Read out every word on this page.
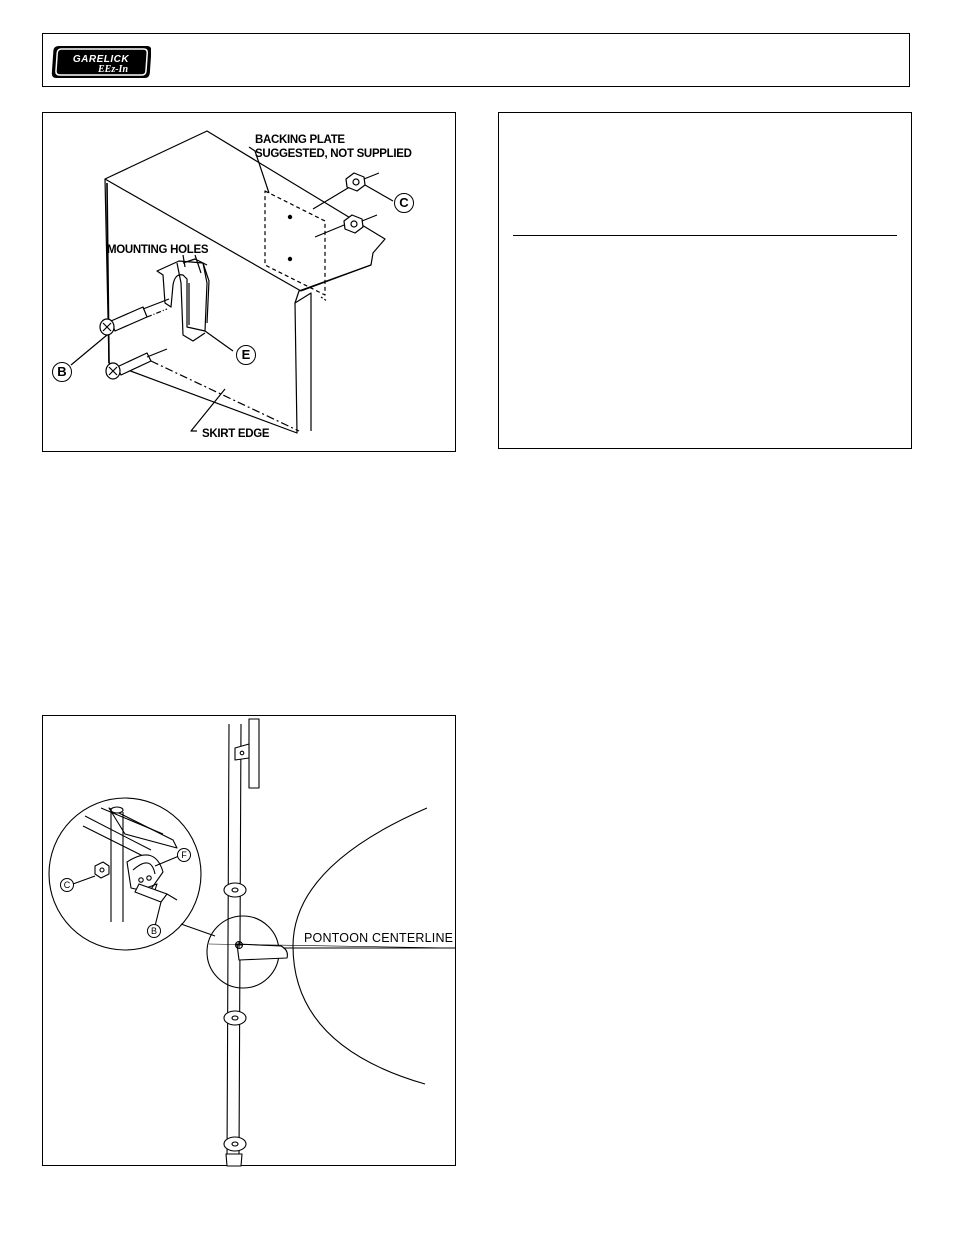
GARELICK
EEz-In
BACKING PLATE
SUGGESTED, NOT SUPPLIED
MOUNTING HOLES
SKIRT EDGE
C
E
B
PONTOON CENTERLINE
C
F
B
